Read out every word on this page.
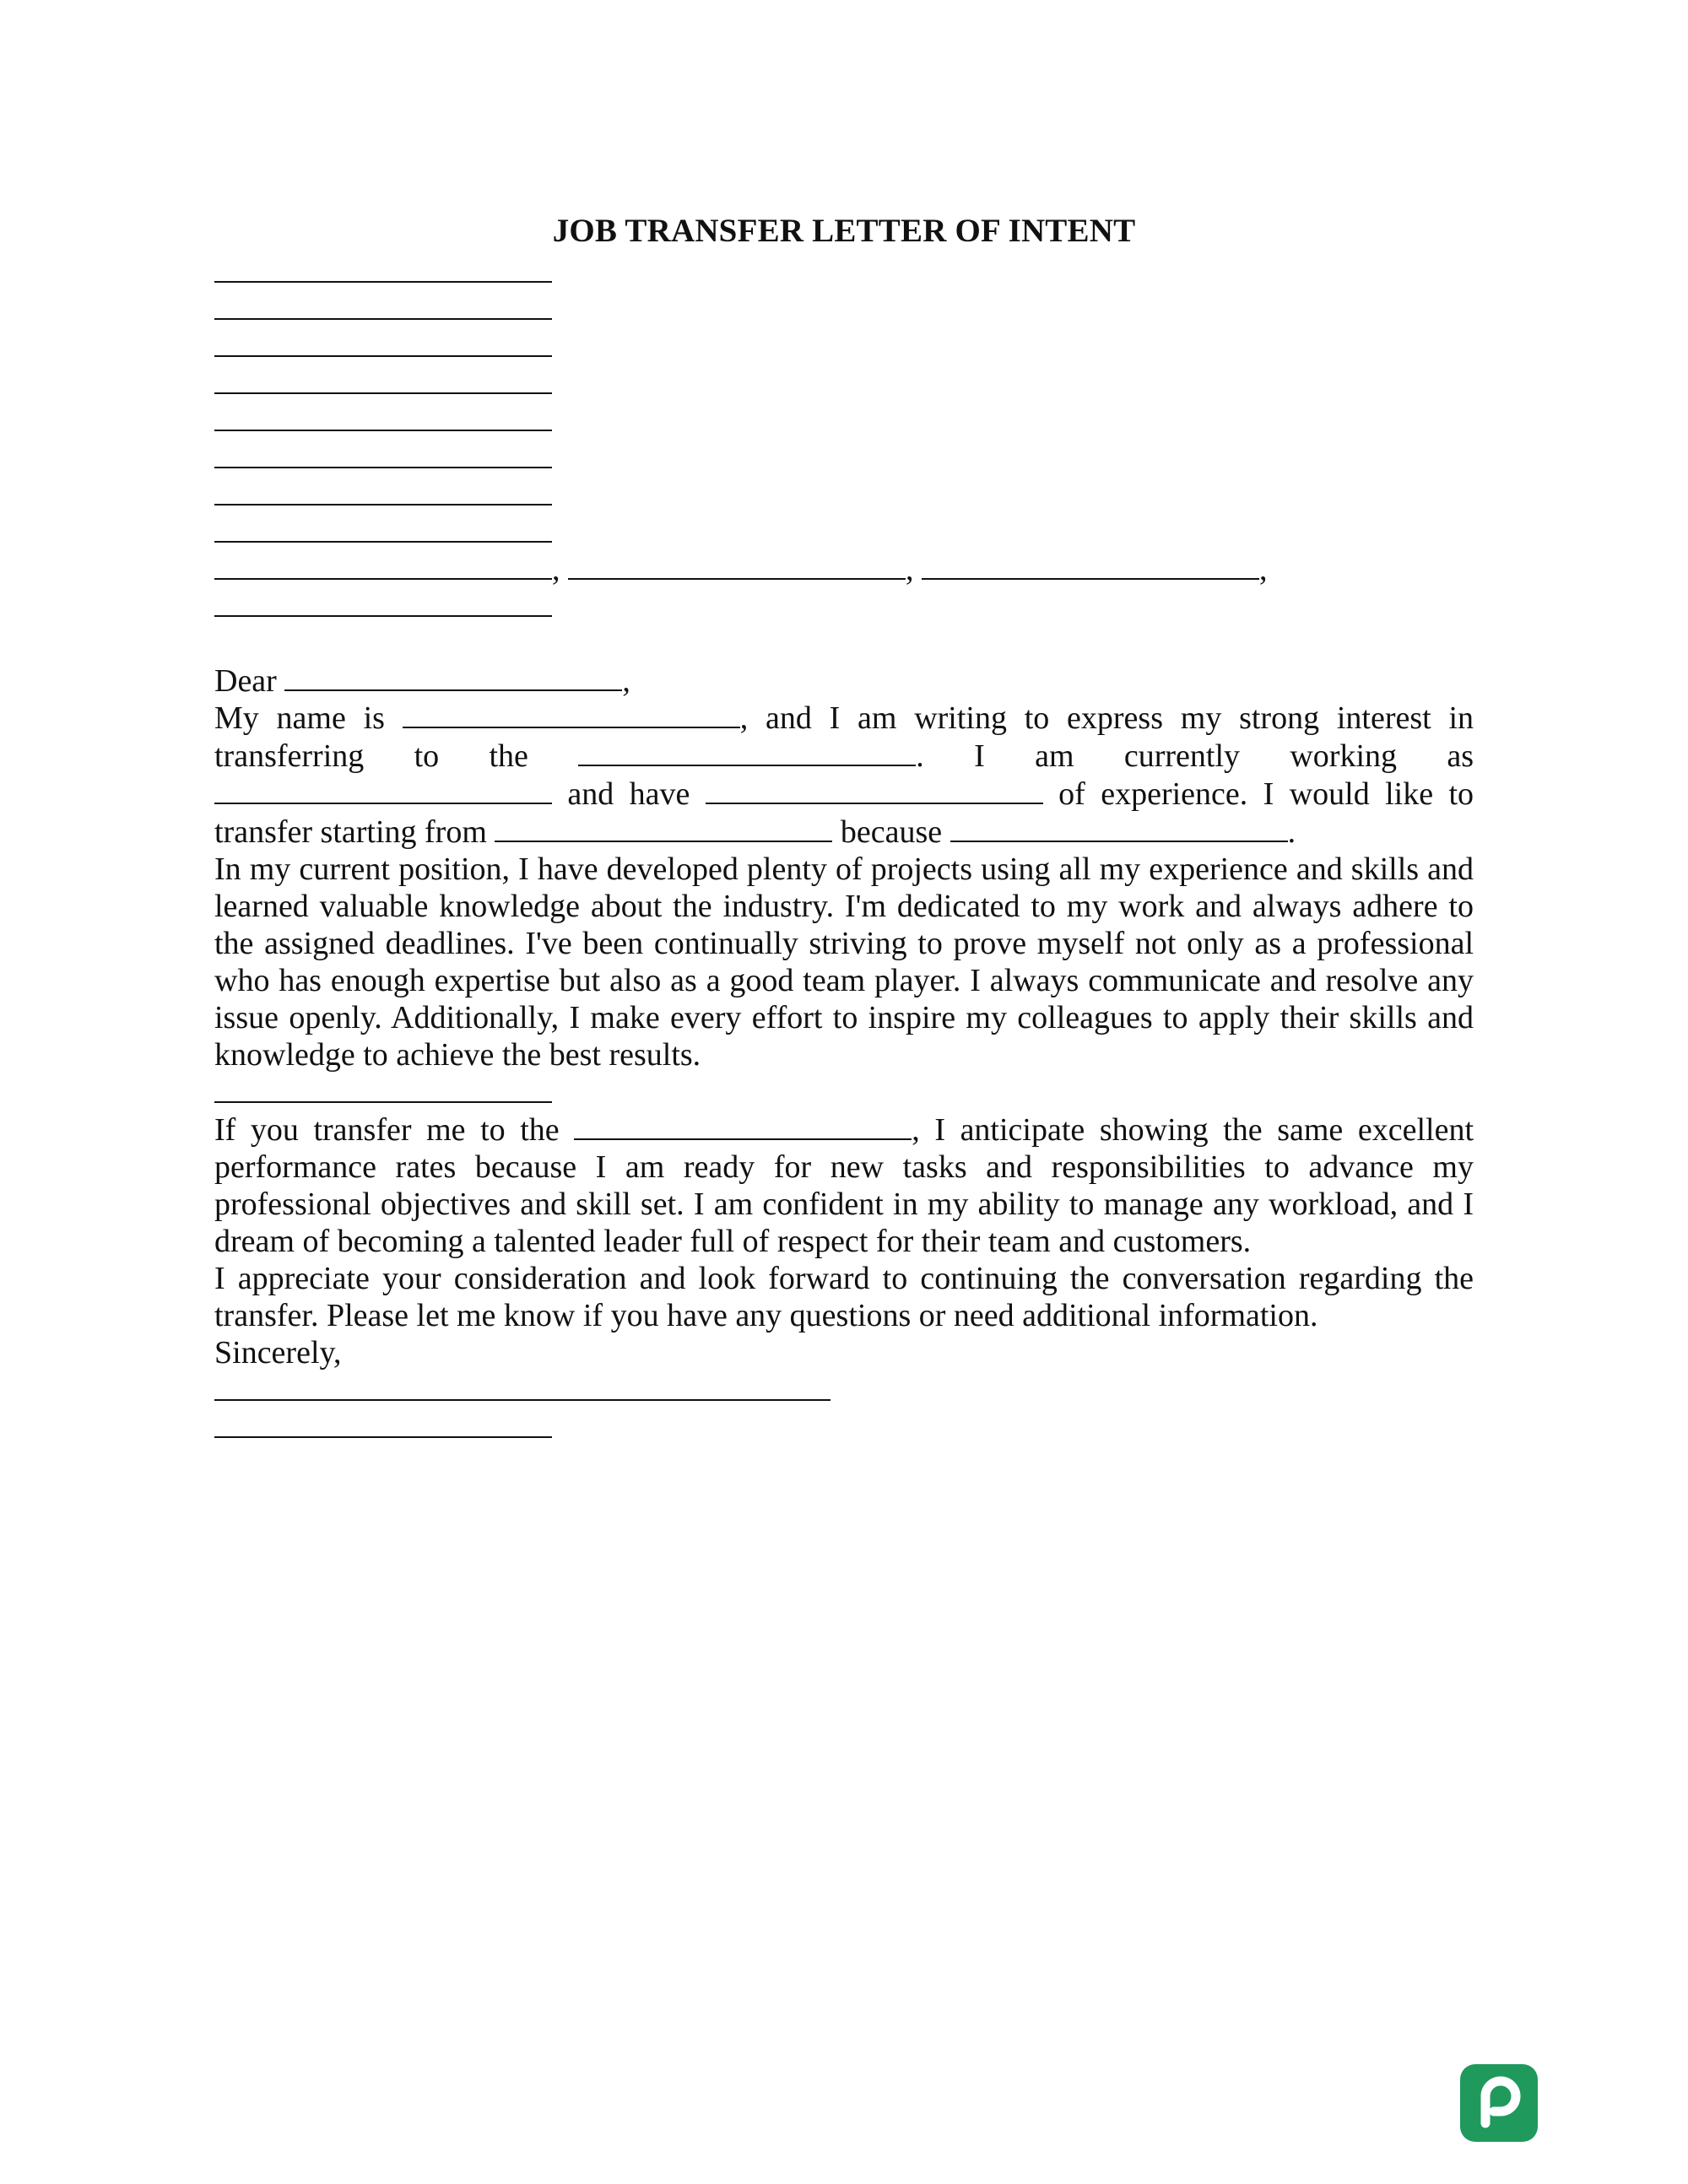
JOB TRANSFER LETTER OF INTENT
,	,	,
Dear	,

My name is	, and I am writing to express my strong interest in

transferring to the	. I am currently working as

and have	of experience. I would like to

transfer starting from	because	.

In my current position, I have developed plenty of projects using all my experience and skills and learned valuable knowledge about the industry. I'm dedicated to my work and always adhere to the assigned deadlines. I've been continually striving to prove myself not only as a professional who has enough expertise but also as a good team player. I always communicate and resolve any issue openly. Additionally, I make every effort to inspire my colleagues to apply their skills and knowledge to achieve the best results.

If you transfer me to the	, I anticipate showing the same excellent

performance rates because I am ready for new tasks and responsibilities to advance my professional objectives and skill set. I am confident in my ability to manage any workload, and I dream of becoming a talented leader full of respect for their team and customers.

I appreciate your consideration and look forward to continuing the conversation regarding the transfer. Please let me know if you have any questions or need additional information.

Sincerely,
